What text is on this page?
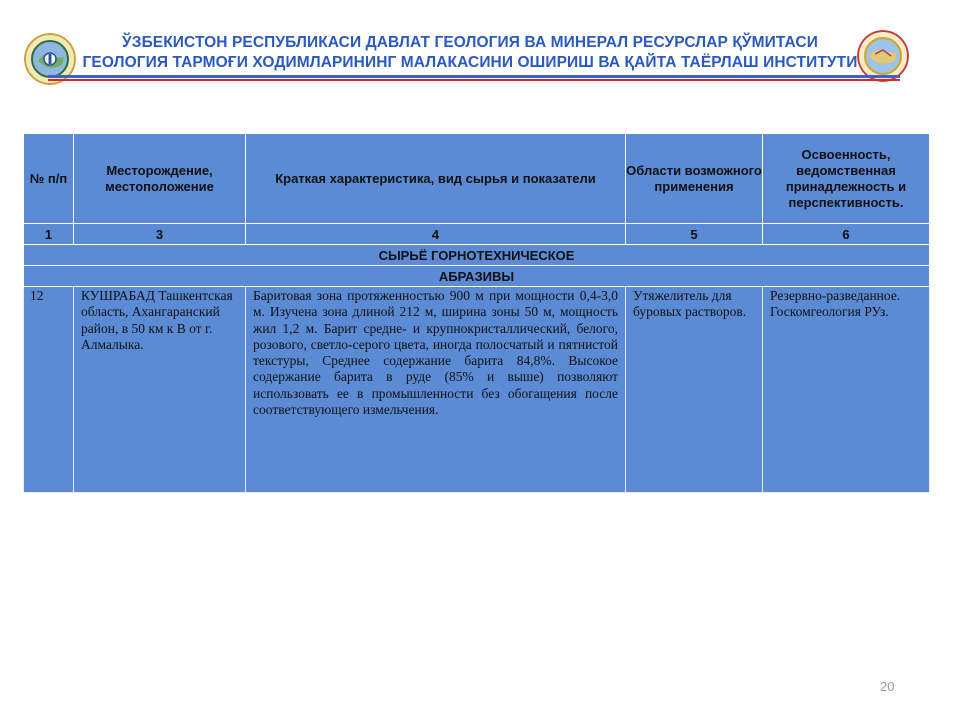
ЎЗБЕКИСТОН РЕСПУБЛИКАСИ ДАВЛАТ ГЕОЛОГИЯ ВА МИНЕРАЛ РЕСУРСЛАР ҚЎМИТАСИ
ГЕОЛОГИЯ ТАРМОҒИ ХОДИМЛАРИНИНГ МАЛАКАСИНИ ОШИРИШ ВА ҚАЙТА ТАЁРЛАШ ИНСТИТУТИ
№ п/п	Месторождение, местоположение	Краткая характеристика, вид сырья и показатели	Области возможного применения	Освоенность, ведомственная принадлежность и перспективность.
1	3	4	5	6
СЫРЬЁ ГОРНОТЕХНИЧЕСКОЕ				
АБРАЗИВЫ				
12	КУШРАБАД Ташкентская область, Ахангаранский район, в 50 км к В от г. Алмалыка.	Баритовая зона протяженностью 900 м при мощности 0,4-3,0 м. Изучена зона длиной 212 м, ширина зоны 50 м, мощность жил 1,2 м. Барит средне- и крупнокристаллический, белого, розового, светло-серого цвета, иногда полосчатый и пятнистой текстуры, Среднее содержание барита 84,8%. Высокое содержание барита в руде (85% и выше) позволяют использовать ее в промышленности без обогащения после соответствующего измельчения.	Утяжелитель для буровых растворов.	Резервно-разведанное. Госкомгеология РУз.
20
